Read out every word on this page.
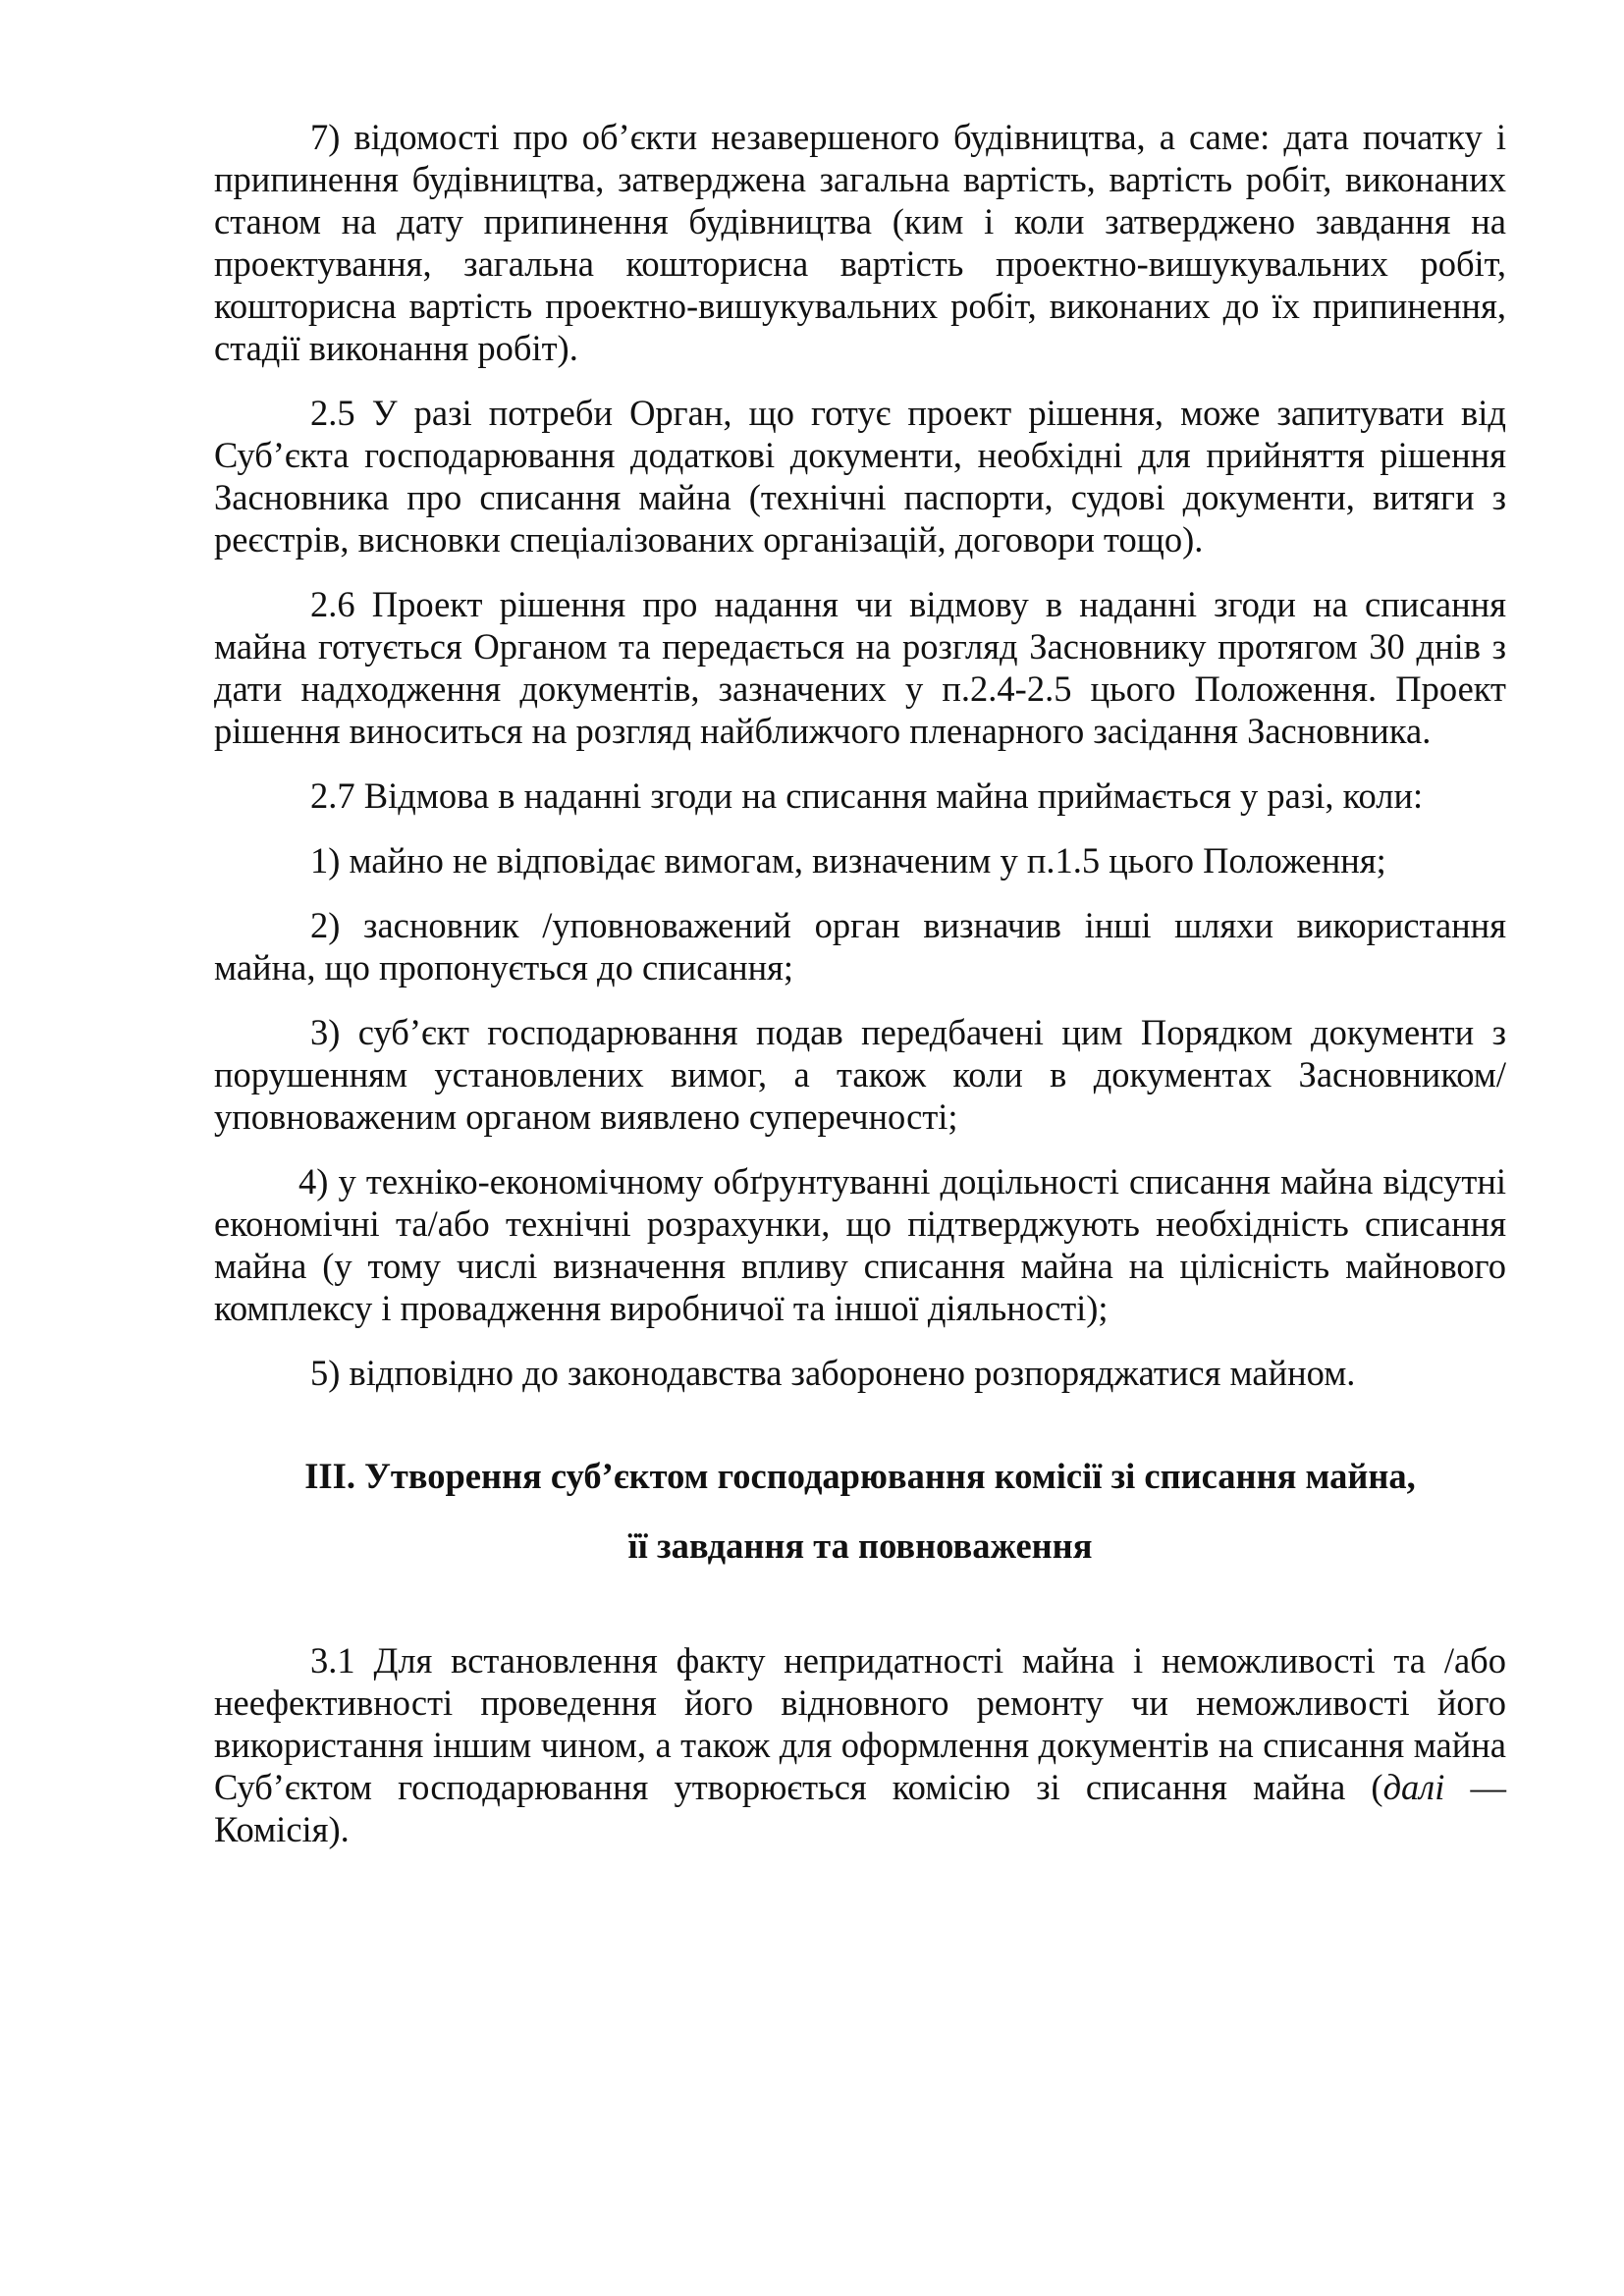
7) відомості про об’єкти незавершеного будівництва, а саме: дата початку і припинення будівництва, затверджена загальна вартість, вартість робіт, виконаних станом на дату припинення будівництва (ким і коли затверджено завдання на проектування, загальна кошторисна вартість проектно-вишукувальних робіт, кошторисна вартість проектно-вишукувальних робіт, виконаних до їх припинення, стадії виконання робіт).

2.5 У разі потреби Орган, що готує проект рішення, може запитувати від Суб’єкта господарювання додаткові документи, необхідні для прийняття рішення Засновника про списання майна (технічні паспорти, судові документи, витяги з реєстрів, висновки спеціалізованих організацій, договори тощо).

2.6 Проект рішення про надання чи відмову в наданні згоди на списання майна готується Органом та передається на розгляд Засновнику протягом 30 днів з дати надходження документів, зазначених у п.2.4-2.5 цього Положення. Проект рішення виноситься на розгляд найближчого пленарного засідання Засновника.

2.7 Відмова в наданні згоди на списання майна приймається у разі, коли:

1) майно не відповідає вимогам, визначеним у п.1.5 цього Положення;

2) засновник /уповноважений орган визначив інші шляхи використання майна, що пропонується до списання;

3) суб’єкт господарювання подав передбачені цим Порядком документи з порушенням установлених вимог, а також коли в документах Засновником/уповноваженим органом виявлено суперечності;

4) у техніко-економічному обґрунтуванні доцільності списання майна відсутні економічні та/або технічні розрахунки, що підтверджують необхідність списання майна (у тому числі визначення впливу списання майна на цілісність майнового комплексу і провадження виробничої та іншої діяльності);

5) відповідно до законодавства заборонено розпоряджатися майном.

ІІІ. Утворення суб’єктом господарювання комісії зі списання майна,

її завдання та повноваження

3.1 Для встановлення факту непридатності майна і неможливості та /або неефективності проведення його відновного ремонту чи неможливості його використання іншим чином, а також для оформлення документів на списання майна Суб’єктом господарювання утворюється комісію зі списання майна (далі — Комісія).
